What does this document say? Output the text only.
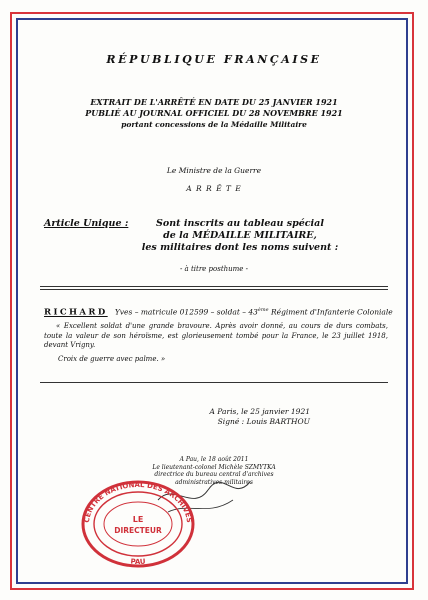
RÉPUBLIQUE FRANÇAISE
EXTRAIT DE L'ARRÊTÉ EN DATE DU 25 JANVIER 1921
PUBLIÉ AU JOURNAL OFFICIEL DU 28 NOVEMBRE 1921
portant concessions de la Médaille Militaire
Le Ministre de la Guerre
A R R Ê T E
Article Unique :	Sont inscrits au tableau spécial
de la MÉDAILLE MILITAIRE,
les militaires dont les noms suivent :
- à titre posthume -
RICHARD Yves – matricule 012599 – soldat – 43ème Régiment d'Infanterie Coloniale
« Excellent soldat d'une grande bravoure. Après avoir donné, au cours de durs combats, toute la valeur de son héroïsme, est glorieusement tombé pour la France, le 23 juillet 1918, devant Vrigny.
Croix de guerre avec palme. »
A Paris, le 25 janvier 1921
Signé : Louis BARTHOU
A Pau, le 18 août 2011
Le lieutenant-colonel Michèle SZMYTKA
directrice du bureau central d'archives
administratives militaires
CENTRE NATIONAL DES ARCHIVES
PAU
LE
DIRECTEUR
